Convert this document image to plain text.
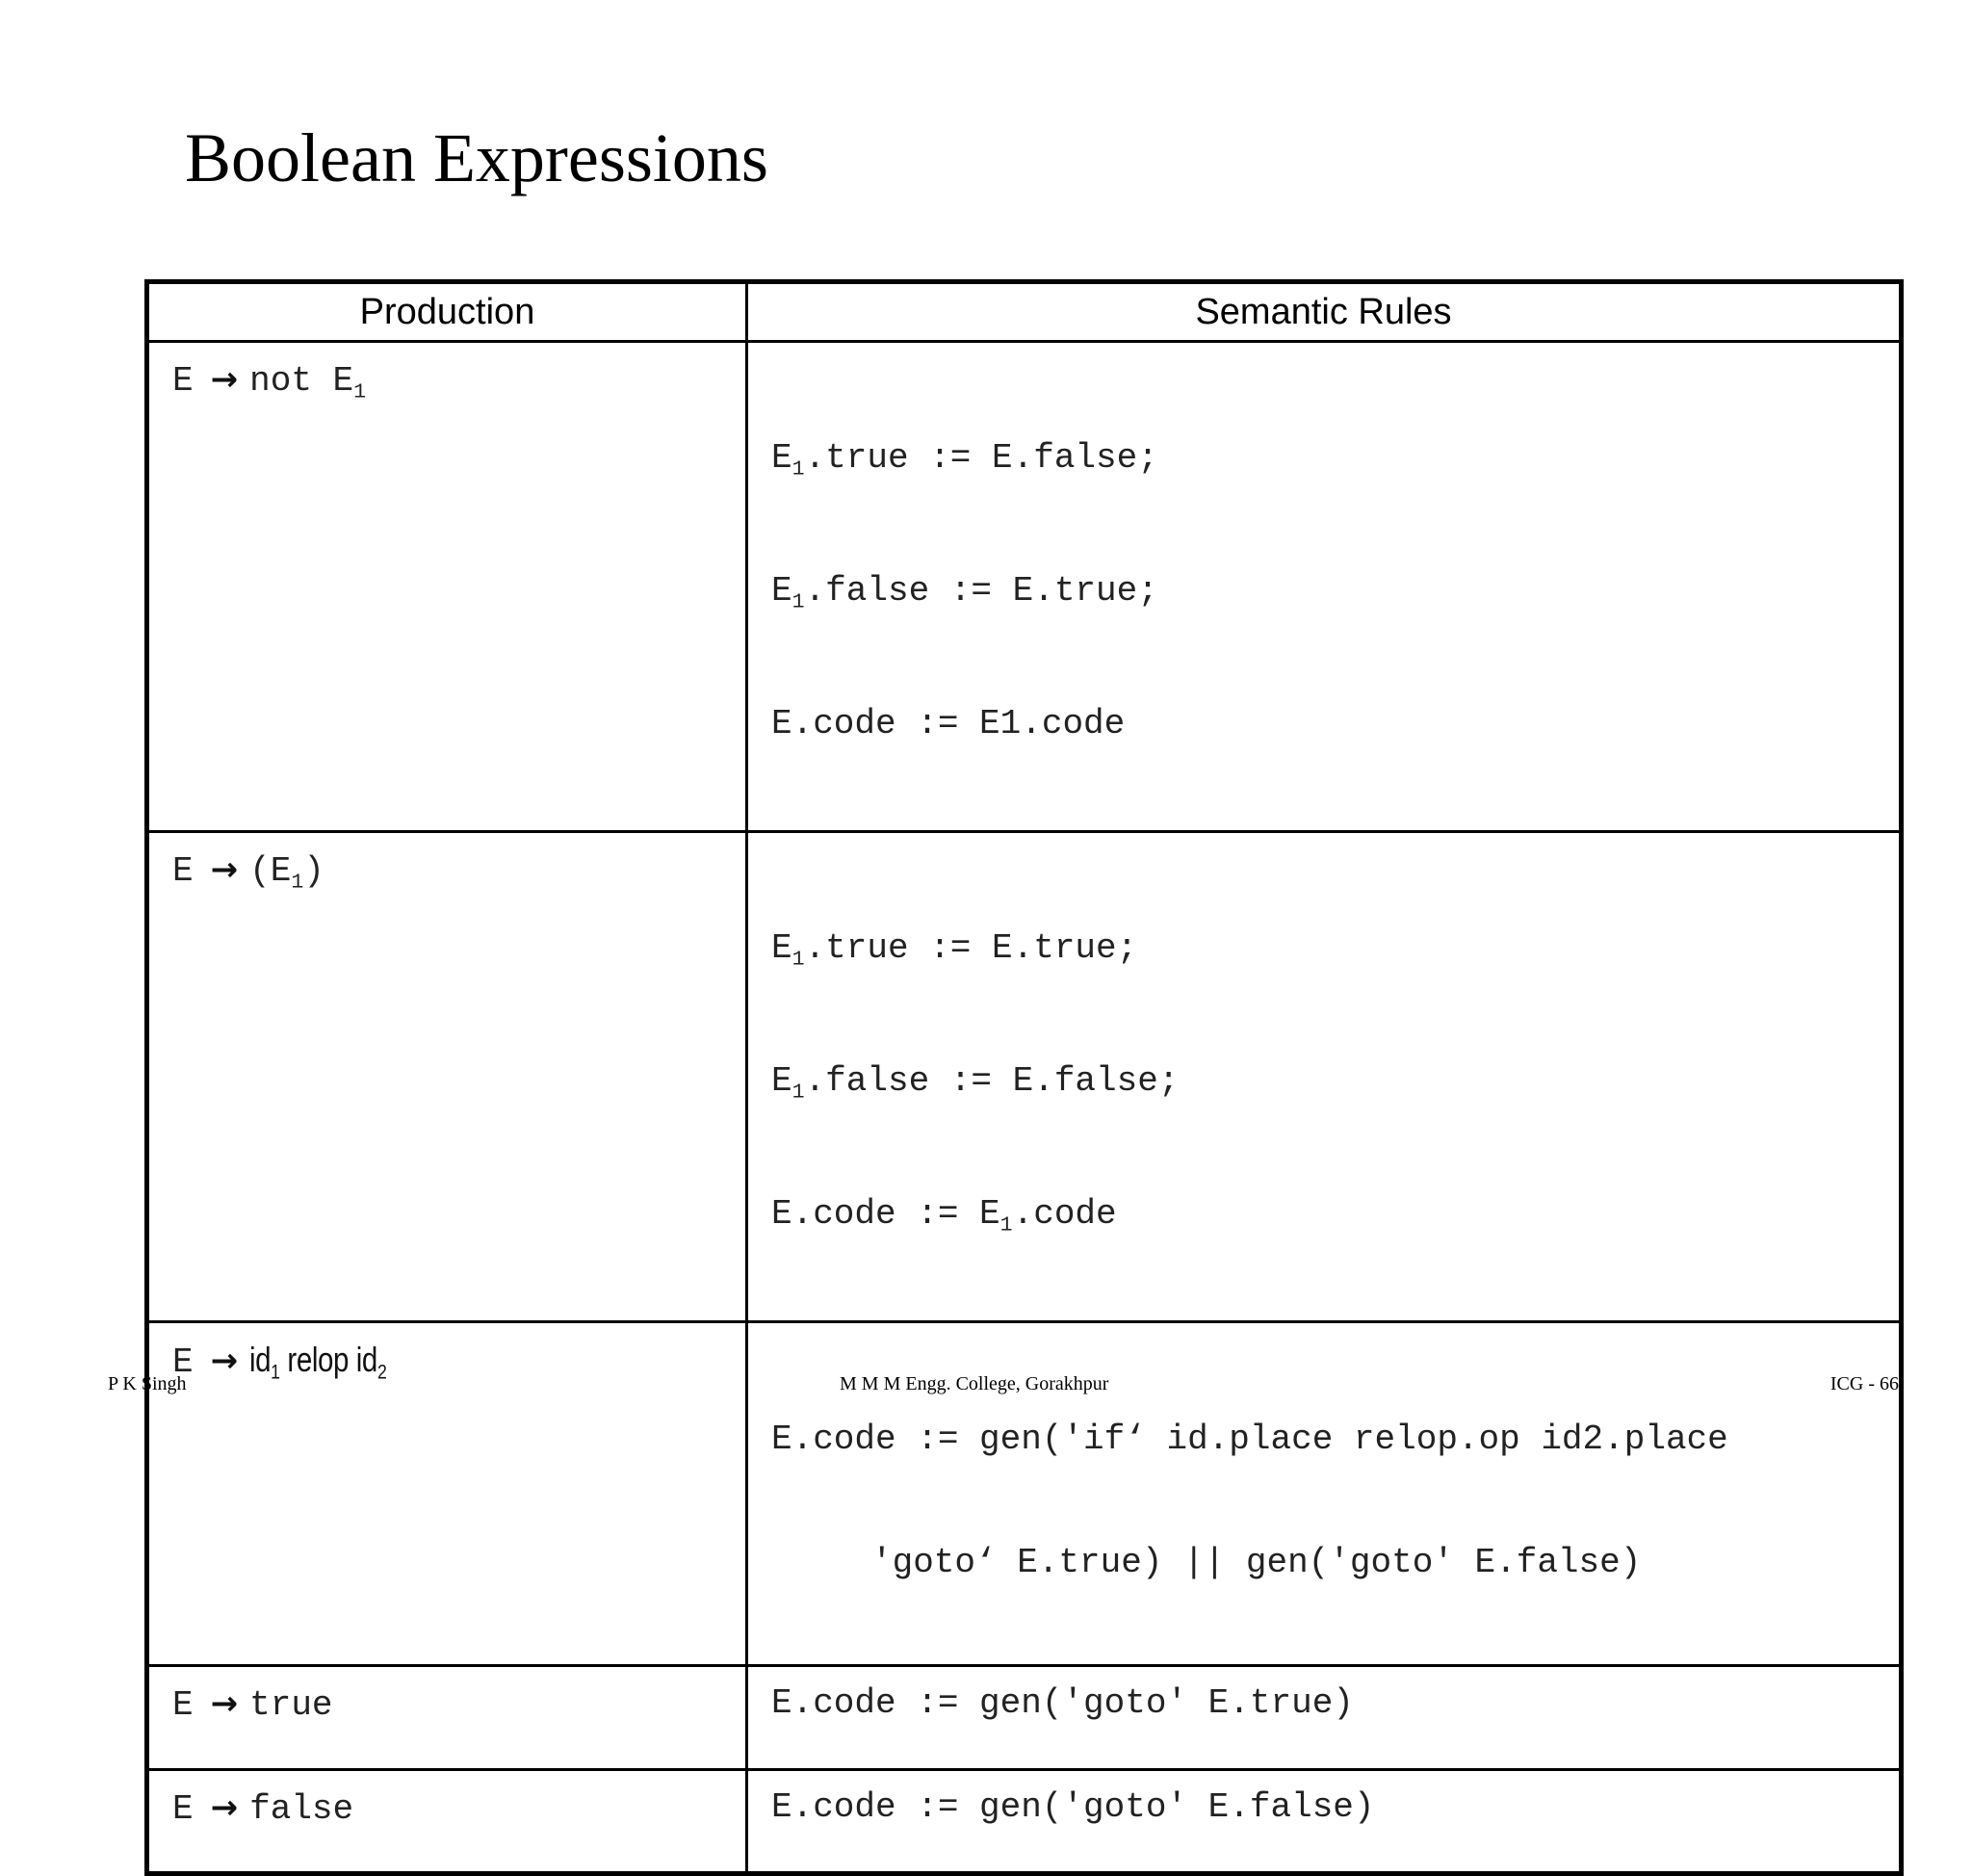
Boolean Expressions
Production	Semantic Rules

E → not $E_1$	$E_1.true$ := E.false;

$E_1.false$ := E.true;

E.code := E1.code

$E \to (E_1)$	$E_1.true$ := E.true;

$E_1.false$ := E.false;

E.code := $E_1.code$

$E \to id_1$ relop $id_2$	E.code := gen('if‘ id.place relop.op id2.place

'goto‘ E.true) || gen('goto' E.false)

E → true	E.code := gen('goto' E.true)

E → false	E.code := gen('goto' E.false)
P K Singh	M M M Engg. College, Gorakhpur	ICG - 66
